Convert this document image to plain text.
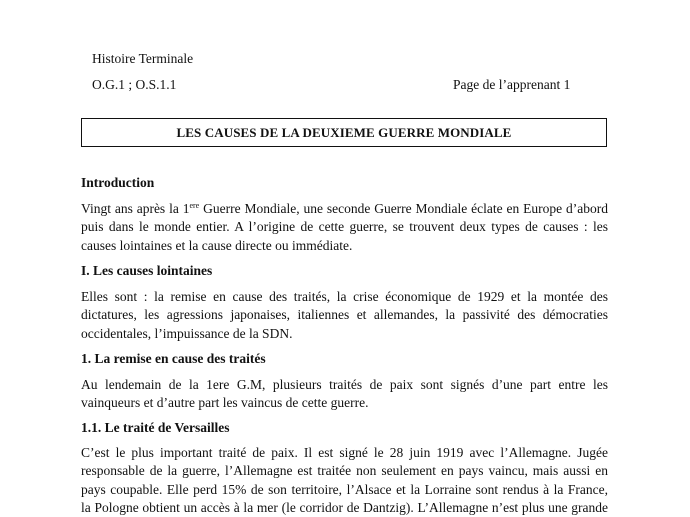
Histoire Terminale
O.G.1 ; O.S.1.1	Page de l’apprenant 1
LES CAUSES DE LA DEUXIEME GUERRE MONDIALE
Introduction
Vingt ans après la 1ere Guerre Mondiale, une seconde Guerre Mondiale éclate en Europe d’abord
puis dans le monde entier. A l’origine de cette guerre, se trouvent deux types de causes : les
causes lointaines et la cause directe ou immédiate.
I. Les causes lointaines
Elles sont : la remise en cause des traités, la crise économique de 1929 et la montée des
dictatures, les agressions japonaises, italiennes et allemandes, la passivité des démocraties
occidentales, l’impuissance de la SDN.
1. La remise en cause des traités
Au lendemain de la 1ere G.M, plusieurs traités de paix sont signés d’une part entre les
vainqueurs et d’autre part les vaincus de cette guerre.
1.1. Le traité de Versailles
C’est le plus important traité de paix. Il est signé le 28 juin 1919 avec l’Allemagne. Jugée
responsable de la guerre, l’Allemagne est traitée non seulement en pays vaincu, mais aussi en
pays coupable. Elle perd 15% de son territoire, l’Alsace et la Lorraine sont rendus à la France,
la Pologne obtient un accès à la mer (le corridor de Dantzig). L’Allemagne n’est plus une grande
